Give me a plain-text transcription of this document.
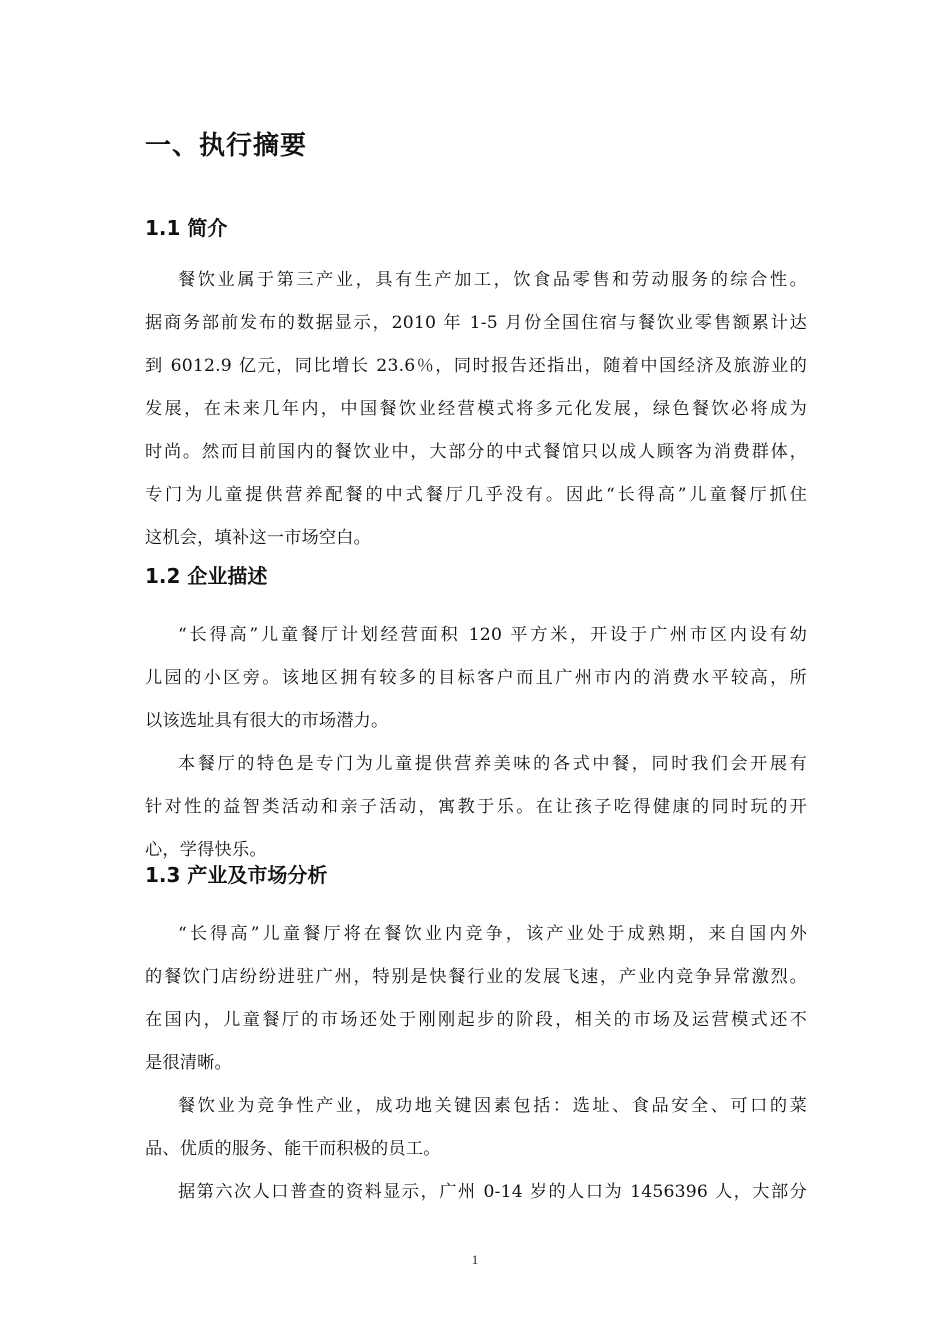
一、执行摘要
1.1 简介

餐饮业属于第三产业，具有生产加工，饮食品零售和劳动服务的综合性。
据商务部前发布的数据显示，2010 年 1-5 月份全国住宿与餐饮业零售额累计达
到 6012.9 亿元，同比增长 23.6％，同时报告还指出，随着中国经济及旅游业的
发展，在未来几年内，中国餐饮业经营模式将多元化发展，绿色餐饮必将成为
时尚。然而目前国内的餐饮业中，大部分的中式餐馆只以成人顾客为消费群体，
专门为儿童提供营养配餐的中式餐厅几乎没有。因此“长得高”儿童餐厅抓住
这机会，填补这一市场空白。

1.2 企业描述

“长得高”儿童餐厅计划经营面积 120 平方米，开设于广州市区内设有幼
儿园的小区旁。该地区拥有较多的目标客户而且广州市内的消费水平较高，所
以该选址具有很大的市场潜力。

本餐厅的特色是专门为儿童提供营养美味的各式中餐，同时我们会开展有
针对性的益智类活动和亲子活动，寓教于乐。在让孩子吃得健康的同时玩的开
心，学得快乐。

1.3 产业及市场分析

“长得高”儿童餐厅将在餐饮业内竞争，该产业处于成熟期，来自国内外
的餐饮门店纷纷进驻广州，特别是快餐行业的发展飞速，产业内竞争异常激烈。
在国内，儿童餐厅的市场还处于刚刚起步的阶段，相关的市场及运营模式还不
是很清晰。

餐饮业为竞争性产业，成功地关键因素包括：选址、食品安全、可口的菜
品、优质的服务、能干而积极的员工。

据第六次人口普查的资料显示，广州 0-14 岁的人口为 1456396 人，大部分

1
